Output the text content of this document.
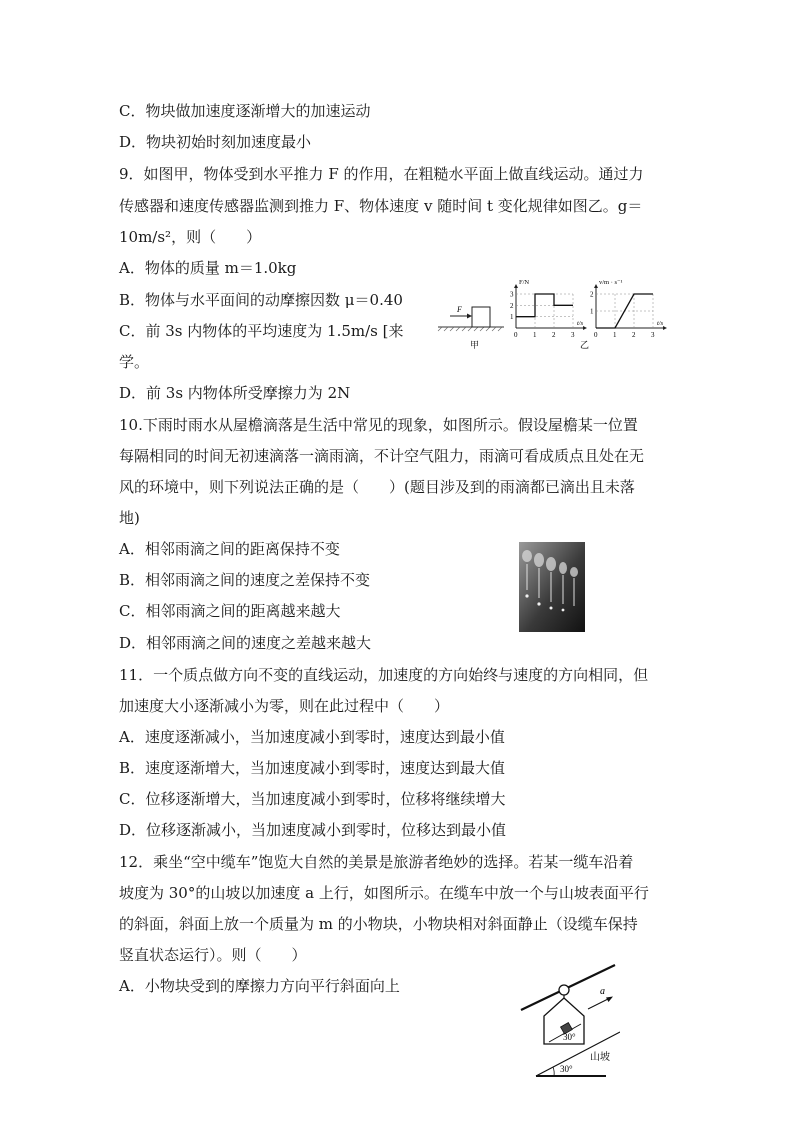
C．物块做加速度逐渐增大的加速运动
D．物块初始时刻加速度最小
9．如图甲，物体受到水平推力 F 的作用，在粗糙水平面上做直线运动。通过力
传感器和速度传感器监测到推力 F、物体速度 v 随时间 t 变化规律如图乙。g＝
10m/s²，则（　　）
A．物体的质量 m＝1.0kg
B．物体与水平面间的动摩擦因数 μ＝0.40
C．前 3s 内物体的平均速度为 1.5m/s [来
学。
D．前 3s 内物体所受摩擦力为 2N
F
甲
0 1 2 3
1
2
3
F/N
t/s
0 1 2 3
1
2
v/m · s⁻¹
t/s
乙
10.下雨时雨水从屋檐滴落是生活中常见的现象，如图所示。假设屋檐某一位置
每隔相同的时间无初速滴落一滴雨滴，不计空气阻力，雨滴可看成质点且处在无
风的环境中，则下列说法正确的是（　　）(题目涉及到的雨滴都已滴出且未落
地)
A．相邻雨滴之间的距离保持不变
B．相邻雨滴之间的速度之差保持不变
C．相邻雨滴之间的距离越来越大
D．相邻雨滴之间的速度之差越来越大
11．一个质点做方向不变的直线运动，加速度的方向始终与速度的方向相同，但
加速度大小逐渐减小为零，则在此过程中（　　）
A．速度逐渐减小，当加速度减小到零时，速度达到最小值
B．速度逐渐增大，当加速度减小到零时，速度达到最大值
C．位移逐渐增大，当加速度减小到零时，位移将继续增大
D．位移逐渐减小，当加速度减小到零时，位移达到最小值
12．乘坐“空中缆车”饱览大自然的美景是旅游者绝妙的选择。若某一缆车沿着
坡度为 30°的山坡以加速度 a 上行，如图所示。在缆车中放一个与山坡表面平行
的斜面，斜面上放一个质量为 m 的小物块，小物块相对斜面静止（设缆车保持
竖直状态运行）。则（　　）
A．小物块受到的摩擦力方向平行斜面向上
30°
a
30°
山坡
